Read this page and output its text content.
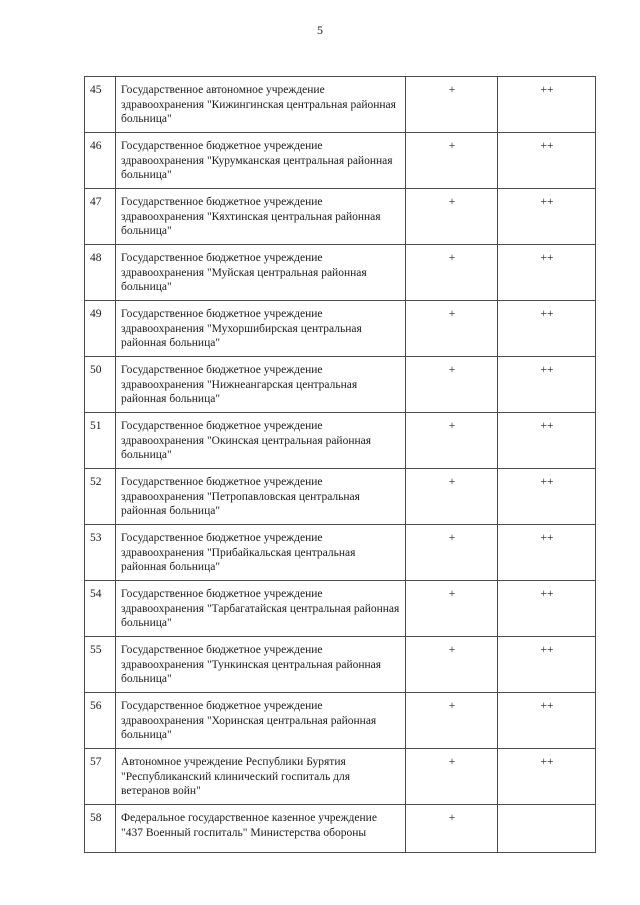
5
45	Государственное автономное учреждение здравоохранения "Кижингинская центральная районная больница"	+	++
46	Государственное бюджетное учреждение здравоохранения "Курумканская центральная районная больница"	+	++
47	Государственное бюджетное учреждение здравоохранения "Кяхтинская центральная районная больница"	+	++
48	Государственное бюджетное учреждение здравоохранения "Муйская центральная районная больница"	+	++
49	Государственное бюджетное учреждение здравоохранения "Мухоршибирская центральная районная больница"	+	++
50	Государственное бюджетное учреждение здравоохранения "Нижнеангарская центральная районная больница"	+	++
51	Государственное бюджетное учреждение здравоохранения "Окинская центральная районная больница"	+	++
52	Государственное бюджетное учреждение здравоохранения "Петропавловская центральная районная больница"	+	++
53	Государственное бюджетное учреждение здравоохранения "Прибайкальская центральная районная больница"	+	++
54	Государственное бюджетное учреждение здравоохранения "Тарбагатайская центральная районная больница"	+	++
55	Государственное бюджетное учреждение здравоохранения "Тункинская центральная районная больница"	+	++
56	Государственное бюджетное учреждение здравоохранения "Хоринская центральная районная больница"	+	++
57	Автономное учреждение Республики Бурятия "Республиканский клинический госпиталь для ветеранов войн"	+	++
58	Федеральное государственное казенное учреждение "437 Военный госпиталь" Министерства обороны	+	
